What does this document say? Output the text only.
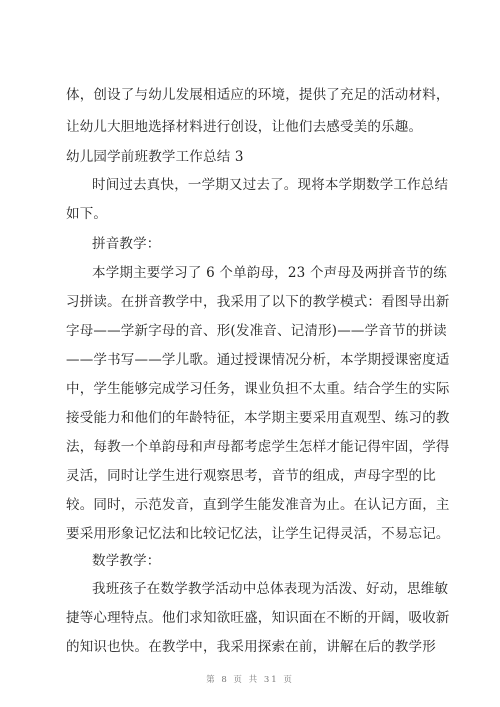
体，创设了与幼儿发展相适应的环境，提供了充足的活动材料，
让幼儿大胆地选择材料进行创设，让他们去感受美的乐趣。
幼儿园学前班教学工作总结 3
时间过去真快，一学期又过去了。现将本学期数学工作总结
如下。
拼音教学：
本学期主要学习了 6 个单韵母，23 个声母及两拼音节的练
习拼读。在拼音教学中，我采用了以下的教学模式：看图导出新
字母——学新字母的音、形(发准音、记清形)——学音节的拼读
——学书写——学儿歌。通过授课情况分析，本学期授课密度适
中，学生能够完成学习任务，课业负担不太重。结合学生的实际
接受能力和他们的年龄特征，本学期主要采用直观型、练习的教
法，每教一个单韵母和声母都考虑学生怎样才能记得牢固，学得
灵活，同时让学生进行观察思考，音节的组成，声母字型的比
较。同时，示范发音，直到学生能发准音为止。在认记方面，主
要采用形象记忆法和比较记忆法，让学生记得灵活，不易忘记。
数学教学：
我班孩子在数学教学活动中总体表现为活泼、好动，思维敏
捷等心理特点。他们求知欲旺盛，知识面在不断的开阔，吸收新
的知识也快。在教学中，我采用探索在前，讲解在后的教学形
第 8 页 共 31 页
